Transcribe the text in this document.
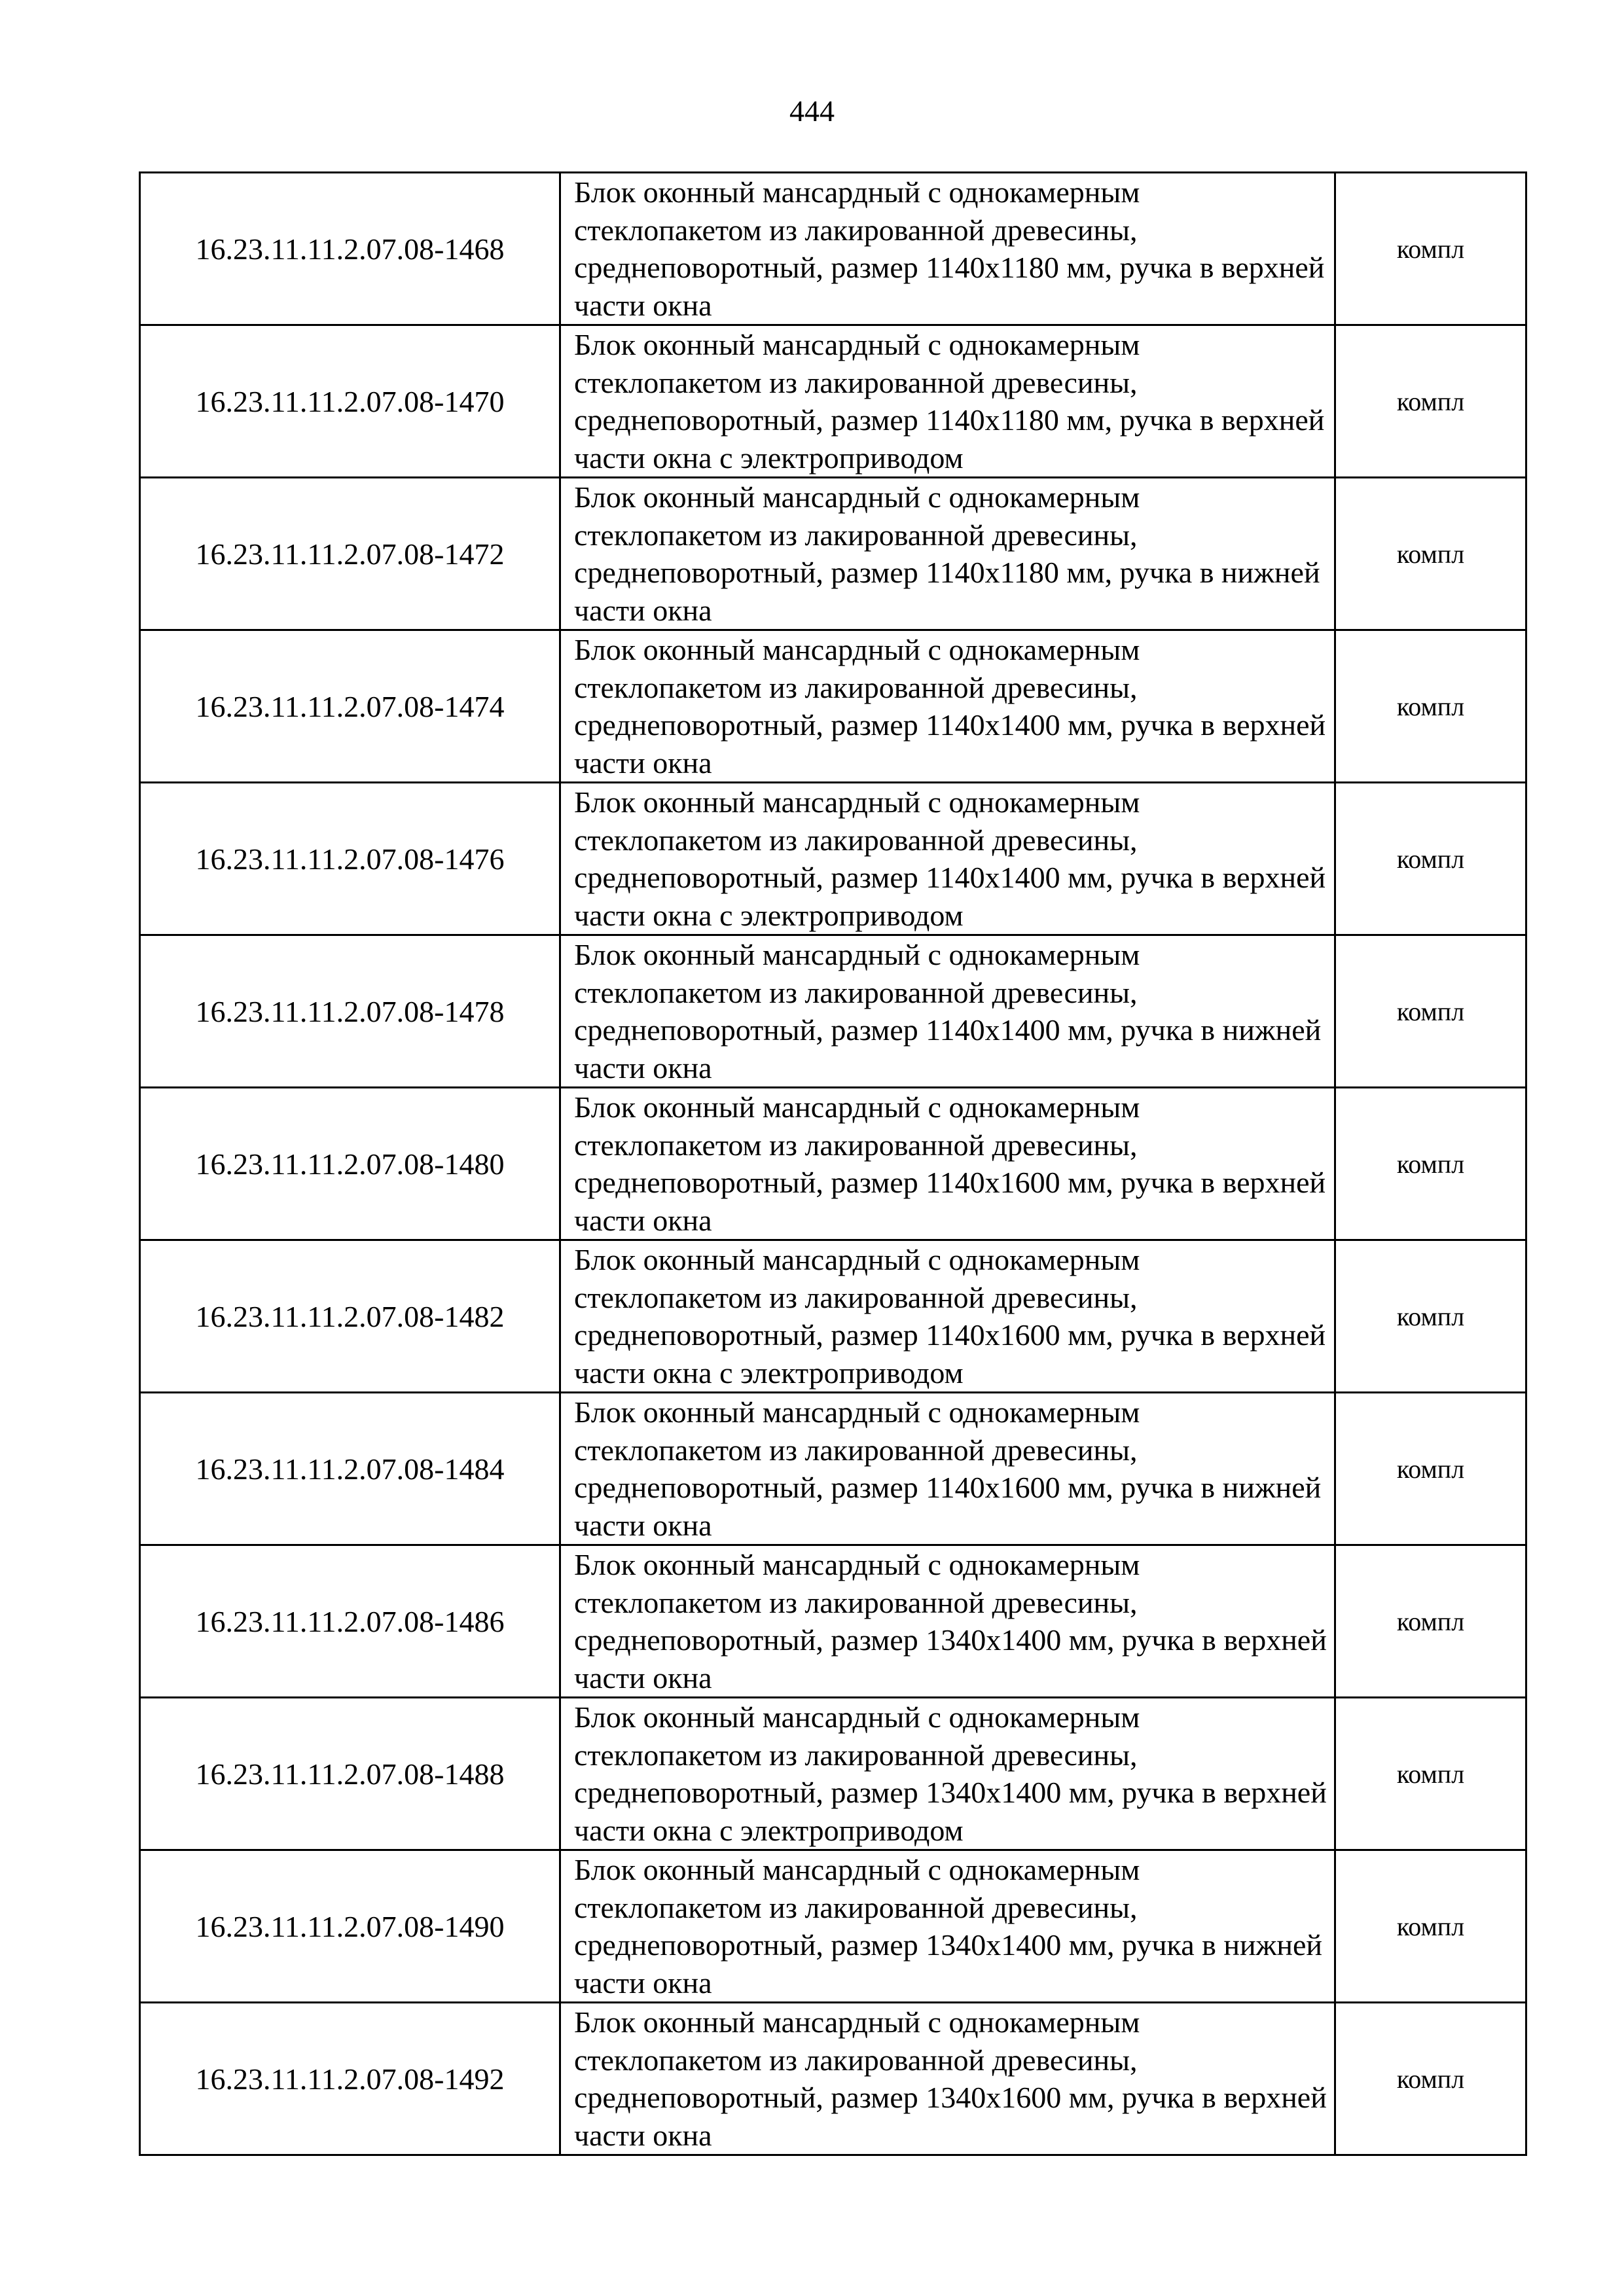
444
16.23.11.11.2.07.08-1468	Блок оконный мансардный с однокамерным стеклопакетом из лакированной древесины, среднеповоротный, размер 1140х1180 мм, ручка в верхней части окна	компл
16.23.11.11.2.07.08-1470	Блок оконный мансардный с однокамерным стеклопакетом из лакированной древесины, среднеповоротный, размер 1140х1180 мм, ручка в верхней части окна с электроприводом	компл
16.23.11.11.2.07.08-1472	Блок оконный мансардный с однокамерным стеклопакетом из лакированной древесины, среднеповоротный, размер 1140х1180 мм, ручка в нижней части окна	компл
16.23.11.11.2.07.08-1474	Блок оконный мансардный с однокамерным стеклопакетом из лакированной древесины, среднеповоротный, размер 1140х1400 мм, ручка в верхней части окна	компл
16.23.11.11.2.07.08-1476	Блок оконный мансардный с однокамерным стеклопакетом из лакированной древесины, среднеповоротный, размер 1140х1400 мм, ручка в верхней части окна с электроприводом	компл
16.23.11.11.2.07.08-1478	Блок оконный мансардный с однокамерным стеклопакетом из лакированной древесины, среднеповоротный, размер 1140х1400 мм, ручка в нижней части окна	компл
16.23.11.11.2.07.08-1480	Блок оконный мансардный с однокамерным стеклопакетом из лакированной древесины, среднеповоротный, размер 1140х1600 мм, ручка в верхней части окна	компл
16.23.11.11.2.07.08-1482	Блок оконный мансардный с однокамерным стеклопакетом из лакированной древесины, среднеповоротный, размер 1140х1600 мм, ручка в верхней части окна с электроприводом	компл
16.23.11.11.2.07.08-1484	Блок оконный мансардный с однокамерным стеклопакетом из лакированной древесины, среднеповоротный, размер 1140х1600 мм, ручка в нижней части окна	компл
16.23.11.11.2.07.08-1486	Блок оконный мансардный с однокамерным стеклопакетом из лакированной древесины, среднеповоротный, размер 1340х1400 мм, ручка в верхней части окна	компл
16.23.11.11.2.07.08-1488	Блок оконный мансардный с однокамерным стеклопакетом из лакированной древесины, среднеповоротный, размер 1340х1400 мм, ручка в верхней части окна с электроприводом	компл
16.23.11.11.2.07.08-1490	Блок оконный мансардный с однокамерным стеклопакетом из лакированной древесины, среднеповоротный, размер 1340х1400 мм, ручка в нижней части окна	компл
16.23.11.11.2.07.08-1492	Блок оконный мансардный с однокамерным стеклопакетом из лакированной древесины, среднеповоротный, размер 1340х1600 мм, ручка в верхней части окна	компл
